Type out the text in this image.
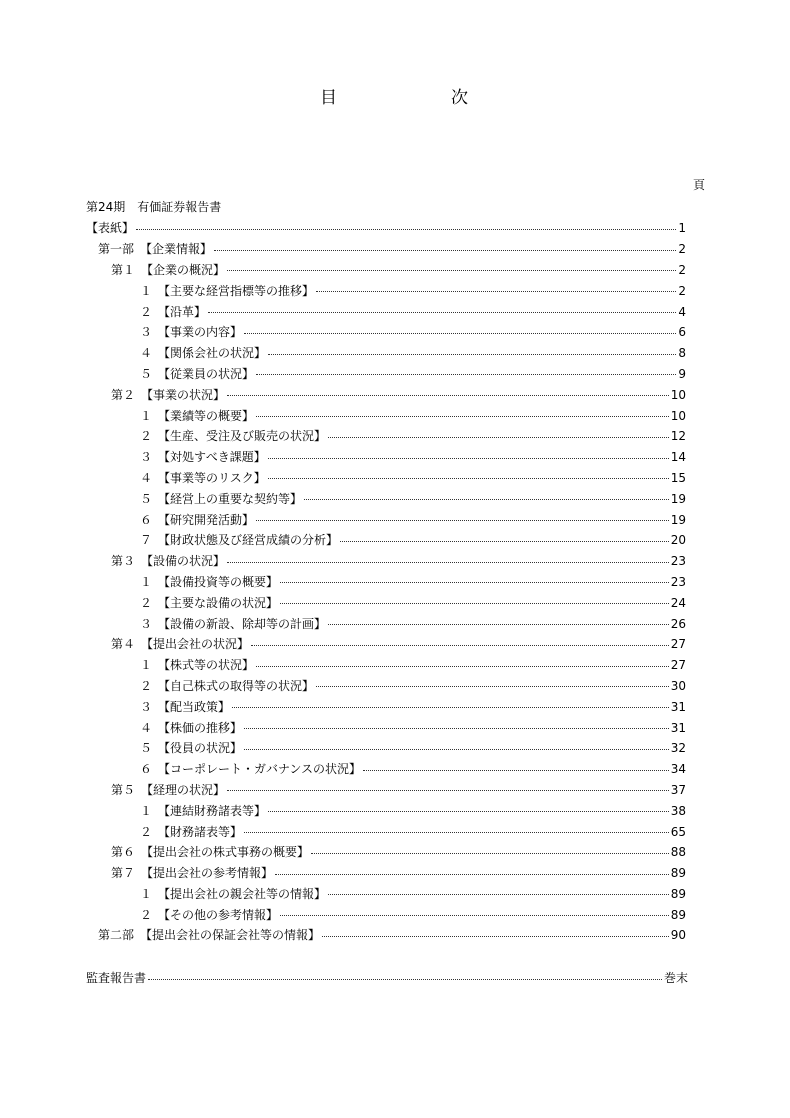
目	次
頁
第24期　有価証券報告書
【表紙】	1
第一部　【企業情報】	2
第１　【企業の概況】	2
１　【主要な経営指標等の推移】	2
２　【沿革】	4
３　【事業の内容】	6
４　【関係会社の状況】	8
５　【従業員の状況】	9
第２　【事業の状況】	10
１　【業績等の概要】	10
２　【生産、受注及び販売の状況】	12
３　【対処すべき課題】	14
４　【事業等のリスク】	15
５　【経営上の重要な契約等】	19
６　【研究開発活動】	19
７　【財政状態及び経営成績の分析】	20
第３　【設備の状況】	23
１　【設備投資等の概要】	23
２　【主要な設備の状況】	24
３　【設備の新設、除却等の計画】	26
第４　【提出会社の状況】	27
１　【株式等の状況】	27
２　【自己株式の取得等の状況】	30
３　【配当政策】	31
４　【株価の推移】	31
５　【役員の状況】	32
６　【コーポレート・ガバナンスの状況】	34
第５　【経理の状況】	37
１　【連結財務諸表等】	38
２　【財務諸表等】	65
第６　【提出会社の株式事務の概要】	88
第７　【提出会社の参考情報】	89
１　【提出会社の親会社等の情報】	89
２　【その他の参考情報】	89
第二部　【提出会社の保証会社等の情報】	90
監査報告書	巻末
